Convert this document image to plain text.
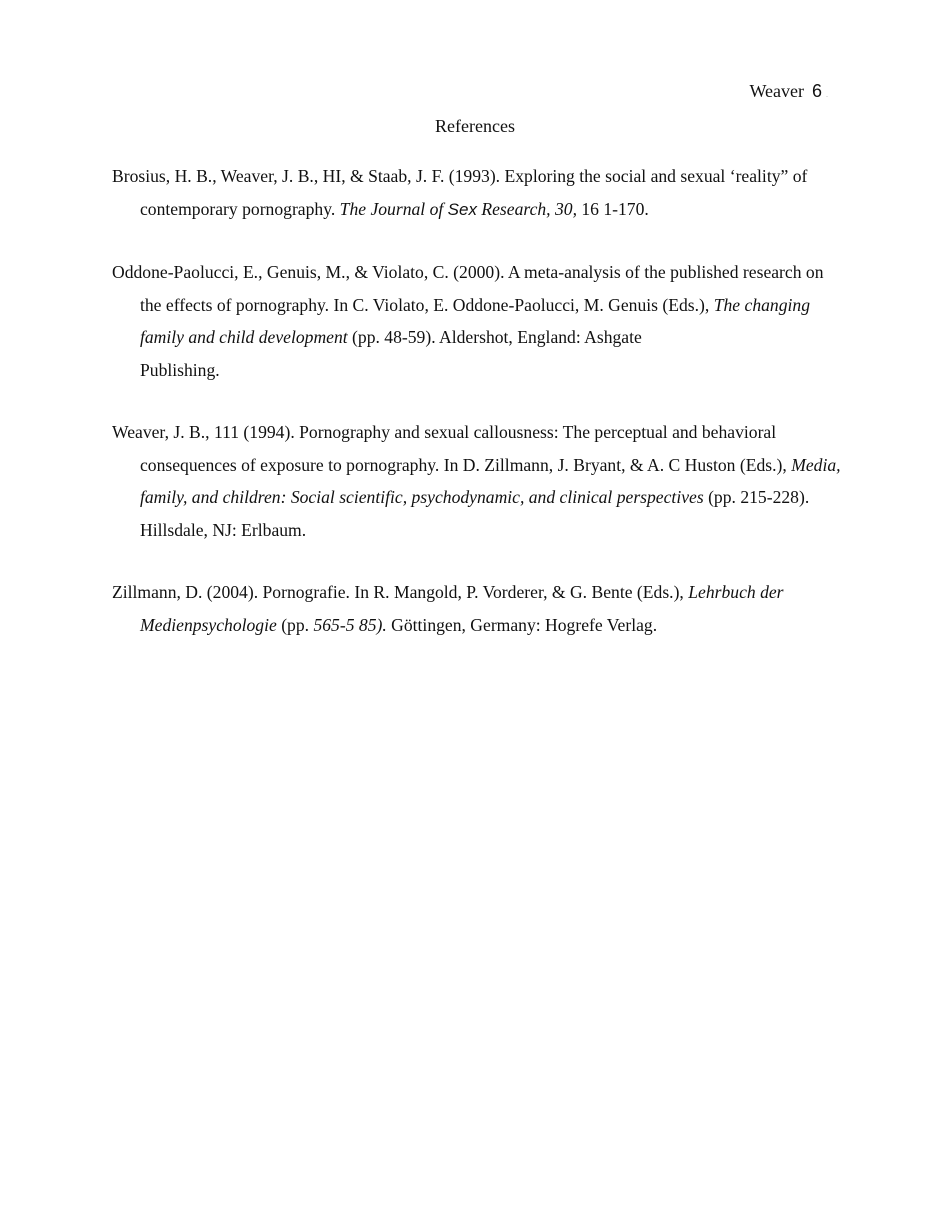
Weaver 6 .
References

Brosius, H. B., Weaver, J. B., HI, & Staab, J. F. (1993). Exploring the social and sexual ‘reality” of contemporary pornography. The Journal of Sex Research, 30, 16 1-170.

Oddone-Paolucci, E., Genuis, M., & Violato, C. (2000). A meta-analysis of the published research on the effects of pornography. In C. Violato, E. Oddone-Paolucci, M. Genuis (Eds.), The changing family and child development (pp. 48-59). Aldershot, England: Ashgate
Publishing.

Weaver, J. B., 111 (1994). Pornography and sexual callousness: The perceptual and behavioral consequences of exposure to pornography. In D. Zillmann, J. Bryant, & A. C Huston (Eds.), Media, family, and children: Social scientific, psychodynamic, and clinical perspectives (pp. 215-228). Hillsdale, NJ: Erlbaum.

Zillmann, D. (2004). Pornografie. In R. Mangold, P. Vorderer, & G. Bente (Eds.), Lehrbuch der Medienpsychologie (pp. 565-5 85). Göttingen, Germany: Hogrefe Verlag.
